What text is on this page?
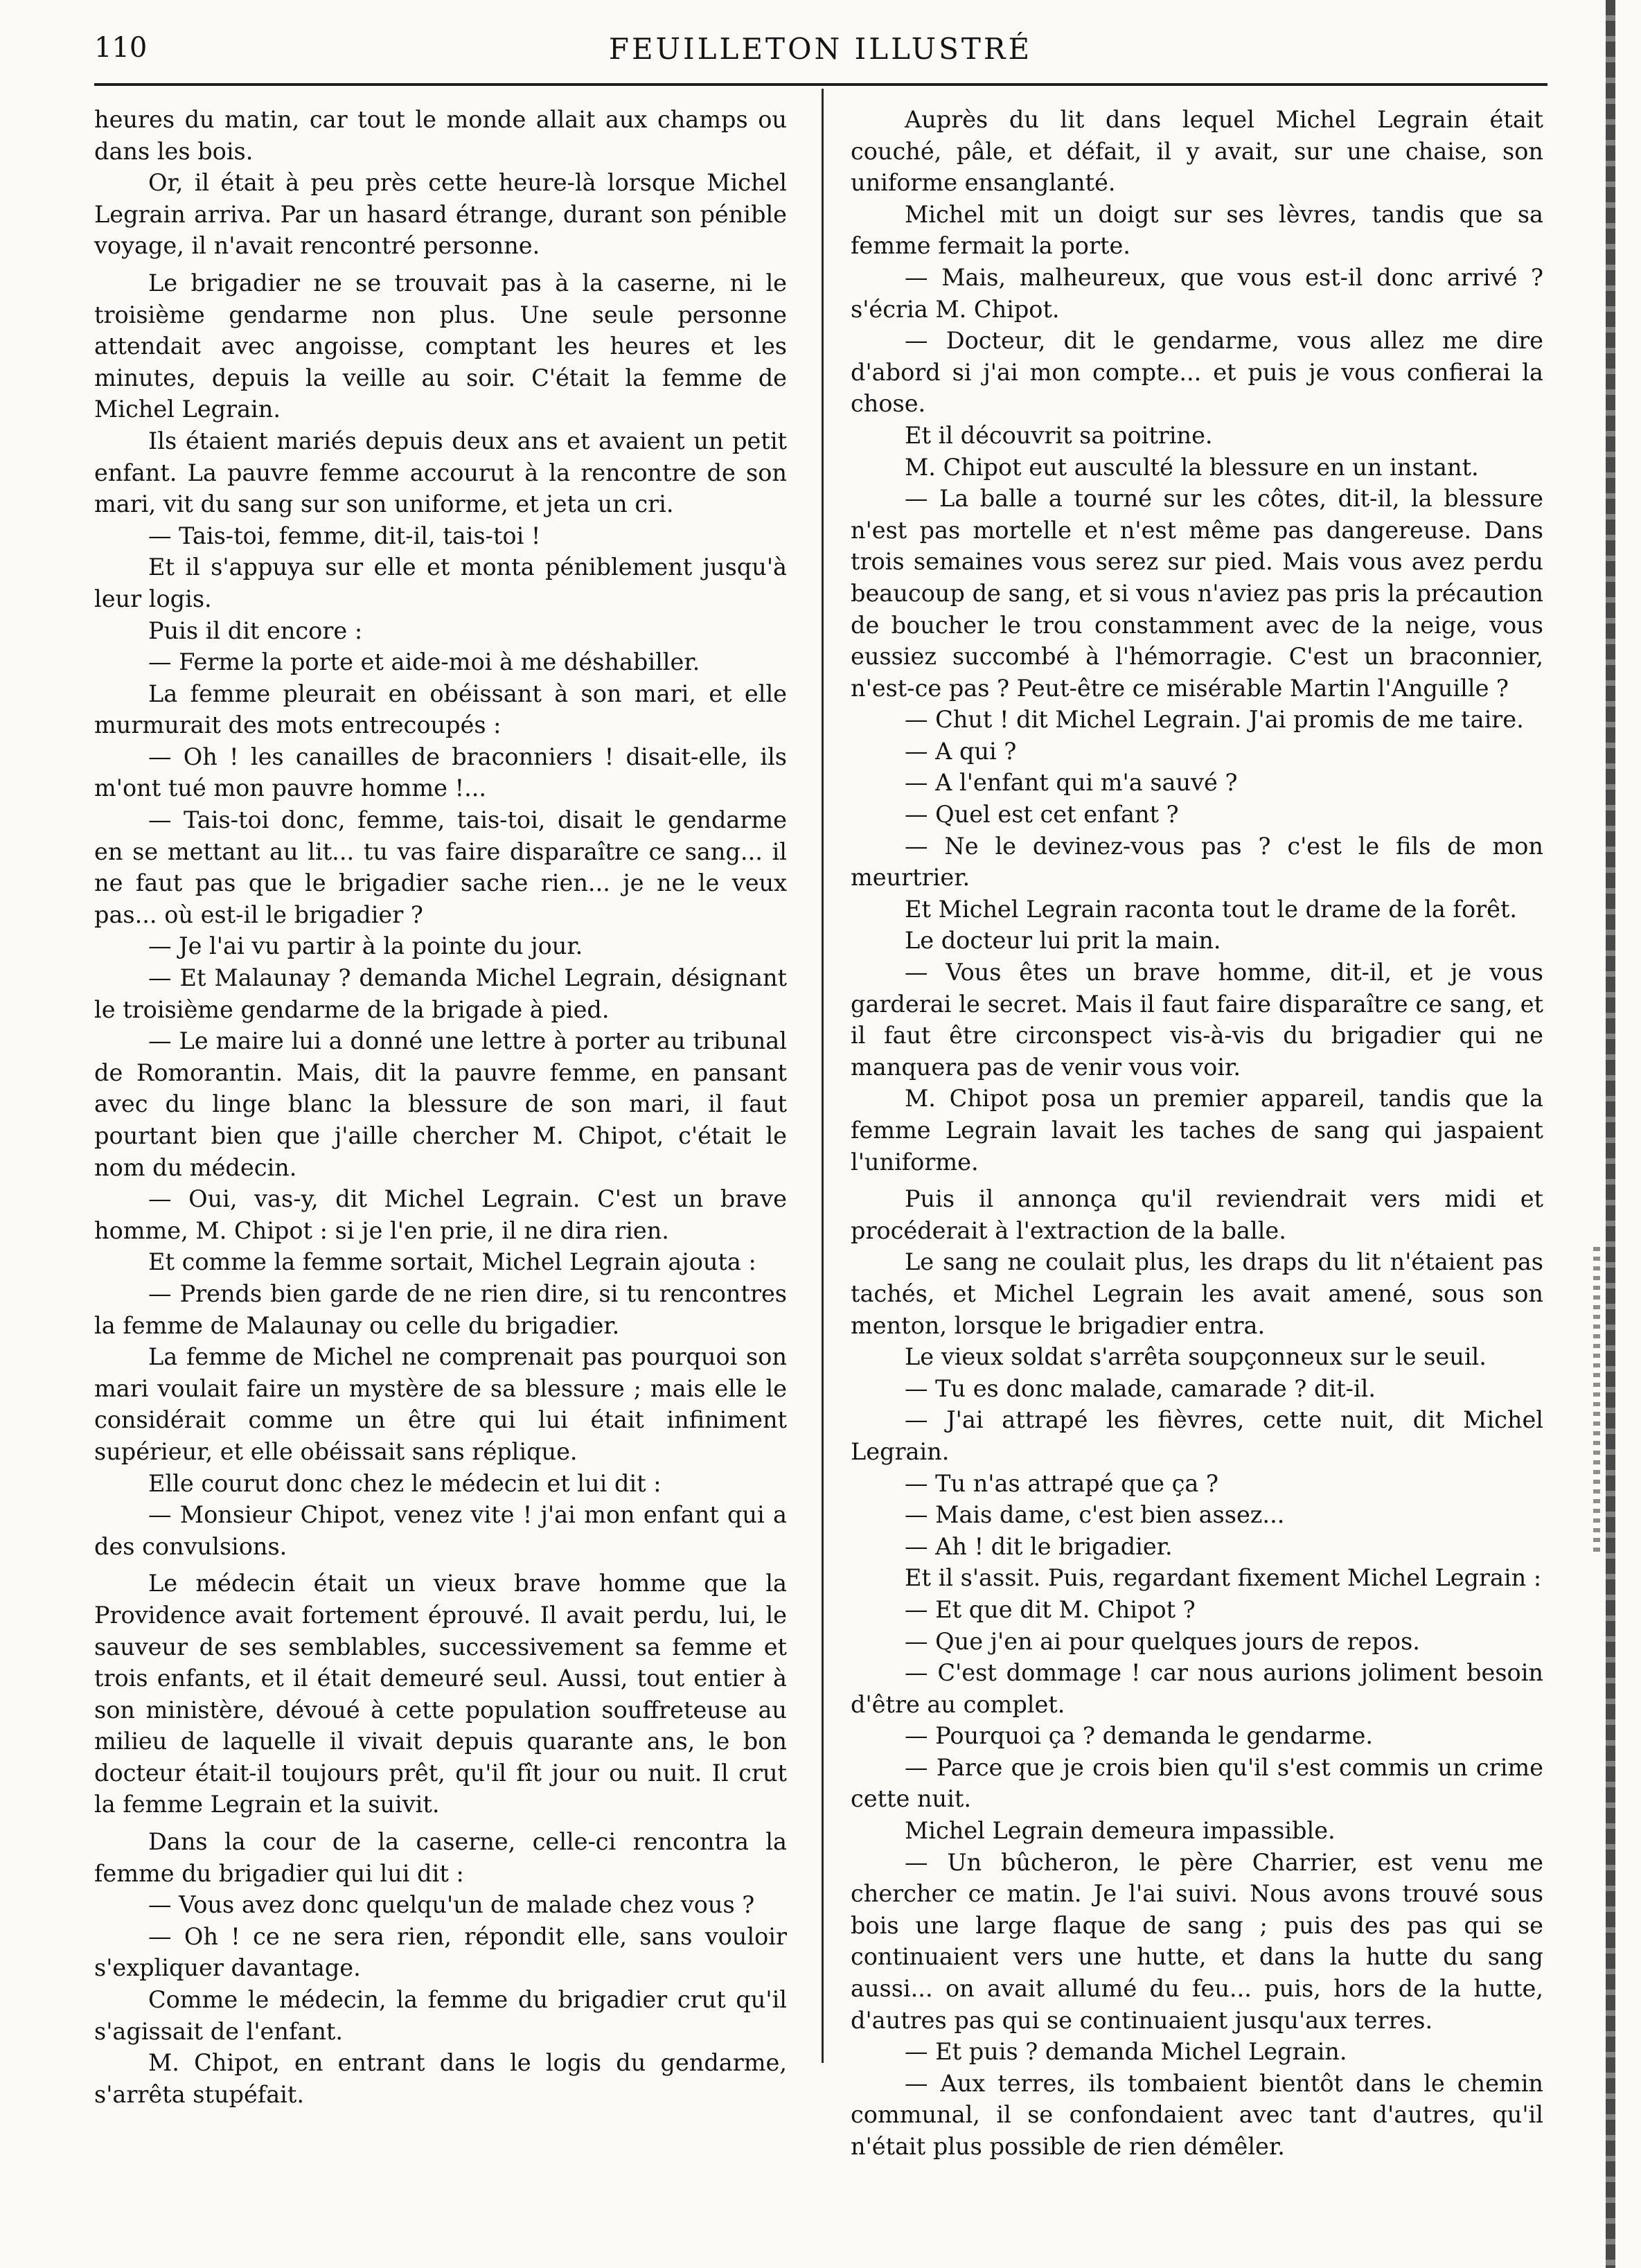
110	FEUILLETON ILLUSTRÉ

heures du matin, car tout le monde allait aux champs ou dans les bois.

Or, il était à peu près cette heure-là lorsque Michel Legrain arriva. Par un hasard étrange, durant son pénible voyage, il n'avait rencontré personne.

Le brigadier ne se trouvait pas à la caserne, ni le troisième gendarme non plus. Une seule personne attendait avec angoisse, comptant les heures et les minutes, depuis la veille au soir. C'était la femme de Michel Legrain.

Ils étaient mariés depuis deux ans et avaient un petit enfant. La pauvre femme accourut à la rencontre de son mari, vit du sang sur son uniforme, et jeta un cri.

— Tais-toi, femme, dit-il, tais-toi !

Et il s'appuya sur elle et monta péniblement jusqu'à leur logis.

Puis il dit encore :

— Ferme la porte et aide-moi à me déshabiller.

La femme pleurait en obéissant à son mari, et elle murmurait des mots entrecoupés :

— Oh ! les canailles de braconniers ! disait-elle, ils m'ont tué mon pauvre homme !...

— Tais-toi donc, femme, tais-toi, disait le gendarme en se mettant au lit... tu vas faire disparaître ce sang... il ne faut pas que le brigadier sache rien... je ne le veux pas... où est-il le brigadier ?

— Je l'ai vu partir à la pointe du jour.

— Et Malaunay ? demanda Michel Legrain, désignant le troisième gendarme de la brigade à pied.

— Le maire lui a donné une lettre à porter au tribunal de Romorantin. Mais, dit la pauvre femme, en pansant avec du linge blanc la blessure de son mari, il faut pourtant bien que j'aille chercher M. Chipot, c'était le nom du médecin.

— Oui, vas-y, dit Michel Legrain. C'est un brave homme, M. Chipot : si je l'en prie, il ne dira rien.

Et comme la femme sortait, Michel Legrain ajouta :

— Prends bien garde de ne rien dire, si tu rencontres la femme de Malaunay ou celle du brigadier.

La femme de Michel ne comprenait pas pourquoi son mari voulait faire un mystère de sa blessure ; mais elle le considérait comme un être qui lui était infiniment supérieur, et elle obéissait sans réplique.

Elle courut donc chez le médecin et lui dit :

— Monsieur Chipot, venez vite ! j'ai mon enfant qui a des convulsions.

Le médecin était un vieux brave homme que la Providence avait fortement éprouvé. Il avait perdu, lui, le sauveur de ses semblables, successivement sa femme et trois enfants, et il était demeuré seul. Aussi, tout entier à son ministère, dévoué à cette population souffreteuse au milieu de laquelle il vivait depuis quarante ans, le bon docteur était-il toujours prêt, qu'il fît jour ou nuit. Il crut la femme Legrain et la suivit.

Dans la cour de la caserne, celle-ci rencontra la femme du brigadier qui lui dit :

— Vous avez donc quelqu'un de malade chez vous ?

— Oh ! ce ne sera rien, répondit elle, sans vouloir s'expliquer davantage.

Comme le médecin, la femme du brigadier crut qu'il s'agissait de l'enfant.

M. Chipot, en entrant dans le logis du gendarme, s'arrêta stupéfait.

Auprès du lit dans lequel Michel Legrain était couché, pâle, et défait, il y avait, sur une chaise, son uniforme ensanglanté.

Michel mit un doigt sur ses lèvres, tandis que sa femme fermait la porte.

— Mais, malheureux, que vous est-il donc arrivé ? s'écria M. Chipot.

— Docteur, dit le gendarme, vous allez me dire d'abord si j'ai mon compte... et puis je vous confierai la chose.

Et il découvrit sa poitrine.

M. Chipot eut ausculté la blessure en un instant.

— La balle a tourné sur les côtes, dit-il, la blessure n'est pas mortelle et n'est même pas dangereuse. Dans trois semaines vous serez sur pied. Mais vous avez perdu beaucoup de sang, et si vous n'aviez pas pris la précaution de boucher le trou constamment avec de la neige, vous eussiez succombé à l'hémorragie. C'est un braconnier, n'est-ce pas ? Peut-être ce misérable Martin l'Anguille ?

— Chut ! dit Michel Legrain. J'ai promis de me taire.

— A qui ?

— A l'enfant qui m'a sauvé ?

— Quel est cet enfant ?

— Ne le devinez-vous pas ? c'est le fils de mon meurtrier.

Et Michel Legrain raconta tout le drame de la forêt.

Le docteur lui prit la main.

— Vous êtes un brave homme, dit-il, et je vous garderai le secret. Mais il faut faire disparaître ce sang, et il faut être circonspect vis-à-vis du brigadier qui ne manquera pas de venir vous voir.

M. Chipot posa un premier appareil, tandis que la femme Legrain lavait les taches de sang qui jaspaient l'uniforme.

Puis il annonça qu'il reviendrait vers midi et procéderait à l'extraction de la balle.

Le sang ne coulait plus, les draps du lit n'étaient pas tachés, et Michel Legrain les avait amené, sous son menton, lorsque le brigadier entra.

Le vieux soldat s'arrêta soupçonneux sur le seuil.

— Tu es donc malade, camarade ? dit-il.

— J'ai attrapé les fièvres, cette nuit, dit Michel Legrain.

— Tu n'as attrapé que ça ?

— Mais dame, c'est bien assez...

— Ah ! dit le brigadier.

Et il s'assit. Puis, regardant fixement Michel Legrain :

— Et que dit M. Chipot ?

— Que j'en ai pour quelques jours de repos.

— C'est dommage ! car nous aurions joliment besoin d'être au complet.

— Pourquoi ça ? demanda le gendarme.

— Parce que je crois bien qu'il s'est commis un crime cette nuit.

Michel Legrain demeura impassible.

— Un bûcheron, le père Charrier, est venu me chercher ce matin. Je l'ai suivi. Nous avons trouvé sous bois une large flaque de sang ; puis des pas qui se continuaient vers une hutte, et dans la hutte du sang aussi... on avait allumé du feu... puis, hors de la hutte, d'autres pas qui se continuaient jusqu'aux terres.

— Et puis ? demanda Michel Legrain.

— Aux terres, ils tombaient bientôt dans le chemin communal, il se confondaient avec tant d'autres, qu'il n'était plus possible de rien démêler.
